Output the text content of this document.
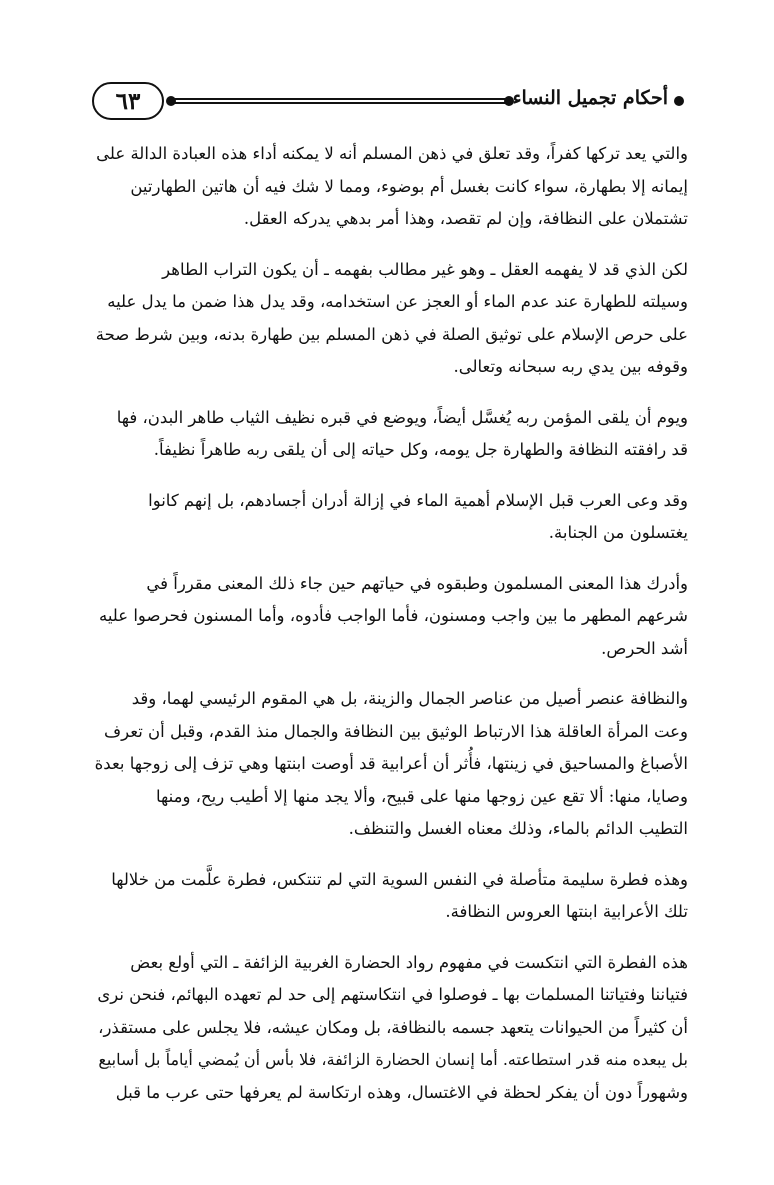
٦٣	أحكام تجميل النساء

والتي يعد تركها كفراً، وقد تعلق في ذهن المسلم أنه لا يمكنه أداء هذه العبادة الدالة على
إيمانه إلا بطهارة، سواء كانت بغسل أم بوضوء، ومما لا شك فيه أن هاتين الطهارتين
تشتملان على النظافة، وإن لم تقصد، وهذا أمر بدهي يدركه العقل.

لكن الذي قد لا يفهمه العقل ـ وهو غير مطالب بفهمه ـ أن يكون التراب الطاهر
وسيلته للطهارة عند عدم الماء أو العجز عن استخدامه، وقد يدل هذا ضمن ما يدل عليه
على حرص الإسلام على توثيق الصلة في ذهن المسلم بين طهارة بدنه، وبين شرط صحة
وقوفه بين يدي ربه سبحانه وتعالى.

ويوم أن يلقى المؤمن ربه يُغسَّل أيضاً، ويوضع في قبره نظيف الثياب طاهر البدن، فها
قد رافقته النظافة والطهارة جل يومه، وكل حياته إلى أن يلقى ربه طاهراً نظيفاً.

وقد وعى العرب قبل الإسلام أهمية الماء في إزالة أدران أجسادهم، بل إنهم كانوا
يغتسلون من الجنابة.

وأدرك هذا المعنى المسلمون وطبقوه في حياتهم حين جاء ذلك المعنى مقرراً في
شرعهم المطهر ما بين واجب ومسنون، فأما الواجب فأدوه، وأما المسنون فحرصوا عليه
أشد الحرص.

والنظافة عنصر أصيل من عناصر الجمال والزينة، بل هي المقوم الرئيسي لهما، وقد
وعت المرأة العاقلة هذا الارتباط الوثيق بين النظافة والجمال منذ القدم، وقبل أن تعرف
الأصباغ والمساحيق في زينتها، فأُثر أن أعرابية قد أوصت ابنتها وهي تزف إلى زوجها بعدة
وصايا، منها: ألا تقع عين زوجها منها على قبيح، وألا يجد منها إلا أطيب ريح، ومنها
التطيب الدائم بالماء، وذلك معناه الغسل والتنظف.

وهذه فطرة سليمة متأصلة في النفس السوية التي لم تنتكس، فطرة علَّمت من خلالها
تلك الأعرابية ابنتها العروس النظافة.

هذه الفطرة التي انتكست في مفهوم رواد الحضارة الغربية الزائفة ـ التي أولع بعض
فتياننا وفتياتنا المسلمات بها ـ فوصلوا في انتكاستهم إلى حد لم تعهده البهائم، فنحن نرى
أن كثيراً من الحيوانات يتعهد جسمه بالنظافة، بل ومكان عيشه، فلا يجلس على مستقذر،
بل يبعده منه قدر استطاعته. أما إنسان الحضارة الزائفة، فلا بأس أن يُمضي أياماً بل أسابيع
وشهوراً دون أن يفكر لحظة في الاغتسال، وهذه ارتكاسة لم يعرفها حتى عرب ما قبل
